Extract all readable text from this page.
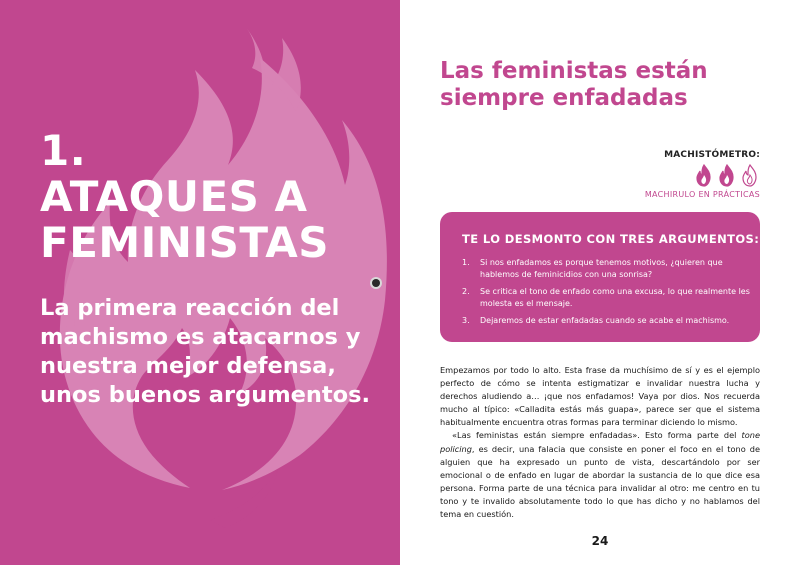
1.
ATAQUES A
FEMINISTAS

La primera reacción del machismo es atacarnos y nuestra mejor defensa, unos buenos argumentos.

Las feministas están
siempre enfadadas
MACHISTÓMETRO:
MACHIRULO EN PRÁCTICAS
TE LO DESMONTO CON TRES ARGUMENTOS:
1.	Si nos enfadamos es porque tenemos motivos, ¿quieren que hablemos de feminicidios con una sonrisa?
2.	Se critica el tono de enfado como una excusa, lo que realmente les molesta es el mensaje.
3.	Dejaremos de estar enfadadas cuando se acabe el machismo.

Empezamos por todo lo alto. Esta frase da muchísimo de sí y es el ejemplo perfecto de cómo se intenta estigmatizar e invalidar nuestra lucha y derechos aludiendo a… ¡que nos enfadamos! Vaya por dios. Nos recuerda mucho al típico: «Calladita estás más guapa», parece ser que el sistema habitualmente encuentra otras formas para terminar diciendo lo mismo.

«Las feministas están siempre enfadadas». Esto forma parte del tone policing, es decir, una falacia que consiste en poner el foco en el tono de alguien que ha expresado un punto de vista, descartándolo por ser emocional o de enfado en lugar de abordar la sustancia de lo que dice esa persona. Forma parte de una técnica para invalidar al otro: me centro en tu tono y te invalido absolutamente todo lo que has dicho y no hablamos del tema en cuestión.

24
